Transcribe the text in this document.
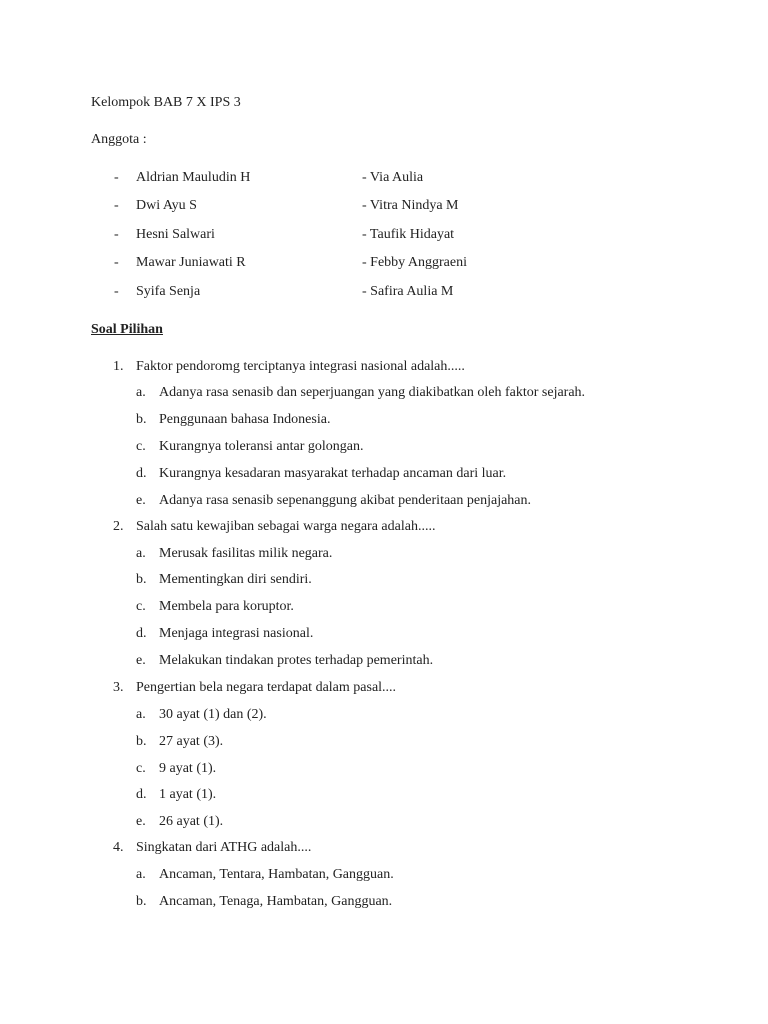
Kelompok BAB 7 X IPS 3
Anggota :
- Aldrian Mauludin H	- Via Aulia
- Dwi Ayu S	- Vitra Nindya M
- Hesni Salwari	- Taufik Hidayat
- Mawar Juniawati R	- Febby Anggraeni
- Syifa Senja	- Safira Aulia M
Soal Pilihan
1. Faktor pendoromg terciptanya integrasi nasional adalah.....
a. Adanya rasa senasib dan seperjuangan yang diakibatkan oleh faktor sejarah.
b. Penggunaan bahasa Indonesia.
c. Kurangnya toleransi antar golongan.
d. Kurangnya kesadaran masyarakat terhadap ancaman dari luar.
e. Adanya rasa senasib sepenanggung akibat penderitaan penjajahan.
2. Salah satu kewajiban sebagai warga negara adalah.....
a. Merusak fasilitas milik negara.
b. Mementingkan diri sendiri.
c. Membela para koruptor.
d. Menjaga integrasi nasional.
e. Melakukan tindakan protes terhadap pemerintah.
3. Pengertian bela negara terdapat dalam pasal....
a. 30 ayat (1) dan (2).
b. 27 ayat (3).
c. 9 ayat (1).
d. 1 ayat (1).
e. 26 ayat (1).
4. Singkatan dari ATHG adalah....
a. Ancaman, Tentara, Hambatan, Gangguan.
b. Ancaman, Tenaga, Hambatan, Gangguan.
